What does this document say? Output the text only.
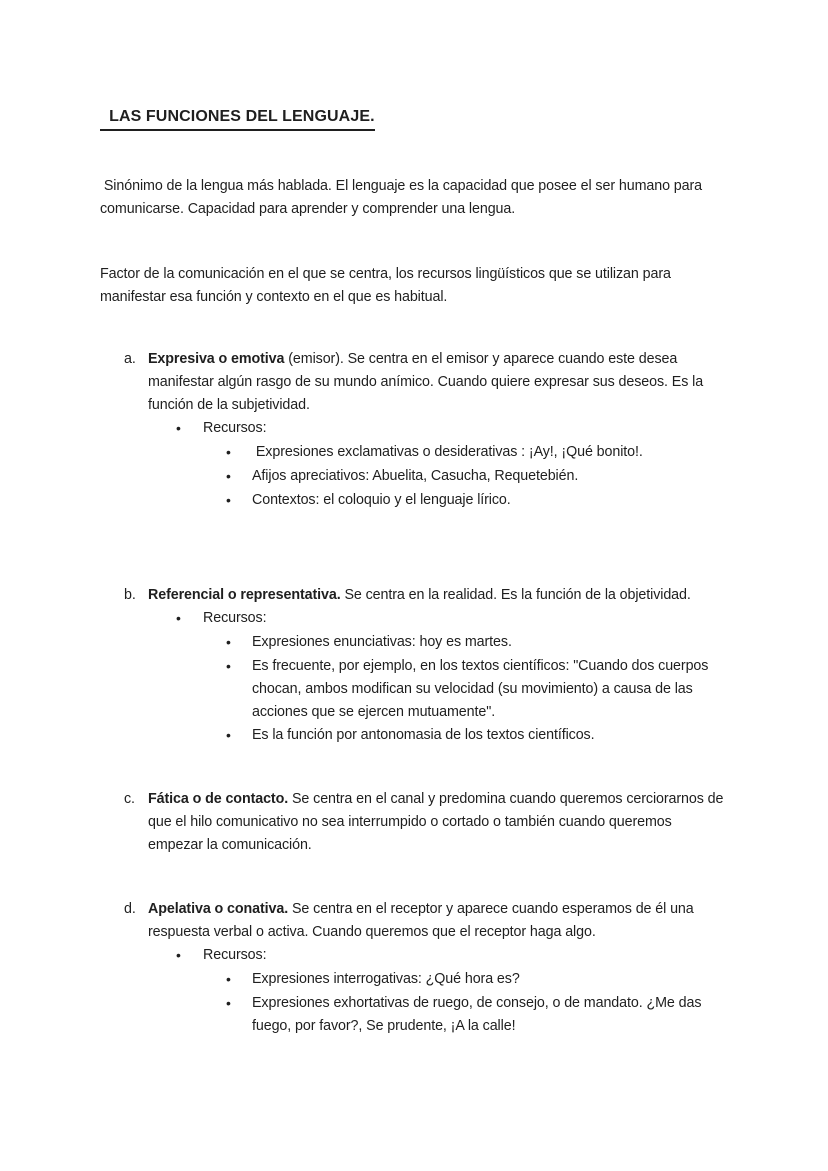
LAS FUNCIONES DEL LENGUAJE.

Sinónimo de la lengua más hablada. El lenguaje es la capacidad que posee el ser humano para comunicarse. Capacidad para aprender y comprender una lengua.

Factor de la comunicación en el que se centra, los recursos lingüísticos que se utilizan para manifestar esa función y contexto en el que es habitual.

a. Expresiva o emotiva (emisor). Se centra en el emisor y aparece cuando este desea manifestar algún rasgo de su mundo anímico. Cuando quiere expresar sus deseos. Es la función de la subjetividad.
•
Recursos:
•
Expresiones exclamativas o desiderativas : ¡Ay!, ¡Qué bonito!.
•
Afijos apreciativos: Abuelita, Casucha, Requetebién.
•
Contextos: el coloquio y el lenguaje lírico.
b. Referencial o representativa. Se centra en la realidad. Es la función de la objetividad.
•
Recursos:
•
Expresiones enunciativas: hoy es martes.
•
Es frecuente, por ejemplo, en los textos científicos: "Cuando dos cuerpos chocan, ambos modifican su velocidad (su movimiento) a causa de las acciones que se ejercen mutuamente".
•
Es la función por antonomasia de los textos científicos.
c. Fática o de contacto. Se centra en el canal y predomina cuando queremos cerciorarnos de que el hilo comunicativo no sea interrumpido o cortado o también cuando queremos empezar la comunicación.
d. Apelativa o conativa. Se centra en el receptor y aparece cuando esperamos de él una respuesta verbal o activa. Cuando queremos que el receptor haga algo.
•
Recursos:
•
Expresiones interrogativas: ¿Qué hora es?
•
Expresiones exhortativas de ruego, de consejo, o de mandato. ¿Me das fuego, por favor?, Se prudente, ¡A la calle!
